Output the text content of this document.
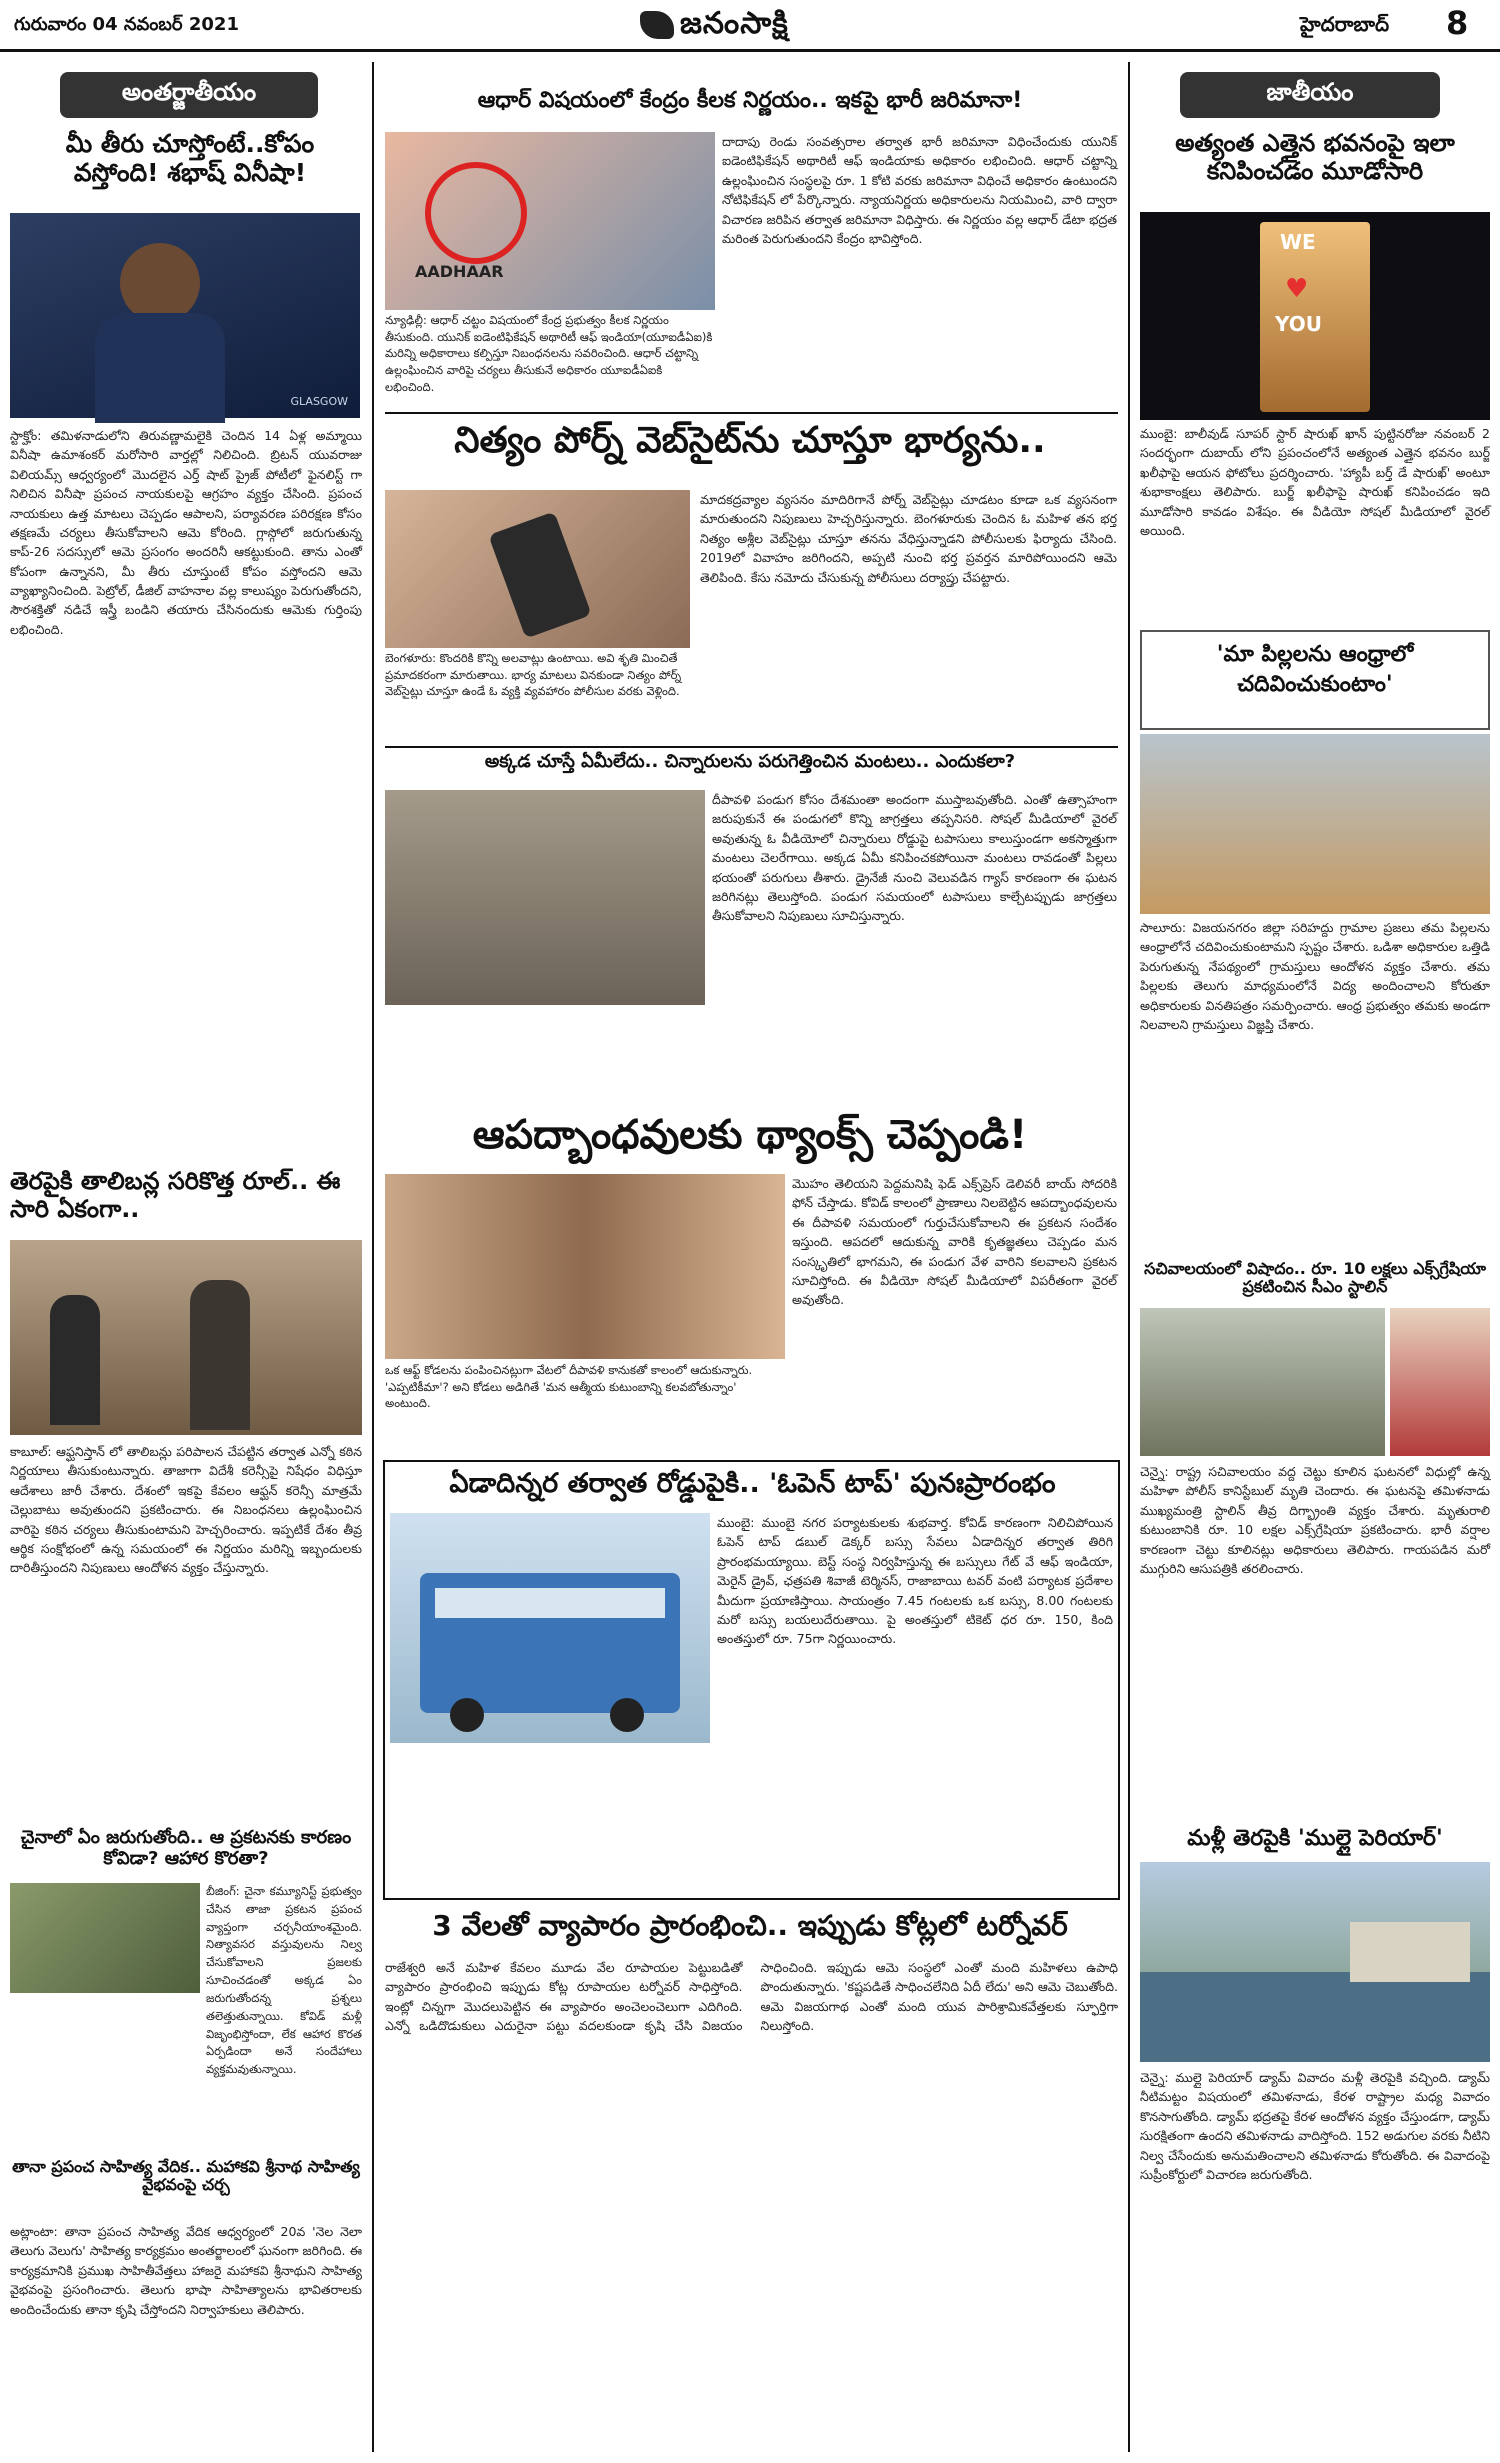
గురువారం 04 నవంబర్ 2021	జనంసాక్షి	హైదరాబాద్ 8
అంతర్జాతీయం
మీ తీరు చూస్తోంటే..కోపం వస్తోంది! శభాష్ వినీషా!
GLASGOW
స్టాక్హోం: తమిళనాడులోని తిరువణ్ణామలైకి చెందిన 14 ఏళ్ల అమ్మాయి వినీషా ఉమాశంకర్ మరోసారి వార్తల్లో నిలిచింది. బ్రిటన్ యువరాజు విలియమ్స్ ఆధ్వర్యంలో మొదలైన ఎర్త్ షాట్ ప్రైజ్ పోటీలో ఫైనలిస్ట్ గా నిలిచిన వినీషా ప్రపంచ నాయకులపై ఆగ్రహం వ్యక్తం చేసింది. ప్రపంచ నాయకులు ఉత్త మాటలు చెప్పడం ఆపాలని, పర్యావరణ పరిరక్షణ కోసం తక్షణమే చర్యలు తీసుకోవాలని ఆమె కోరింది. గ్లాస్గోలో జరుగుతున్న కాప్-26 సదస్సులో ఆమె ప్రసంగం అందరినీ ఆకట్టుకుంది. తాను ఎంతో కోపంగా ఉన్నానని, మీ తీరు చూస్తుంటే కోపం వస్తోందని ఆమె వ్యాఖ్యానించింది. పెట్రోల్, డీజిల్ వాహనాల వల్ల కాలుష్యం పెరుగుతోందని, సౌరశక్తితో నడిచే ఇస్త్రీ బండిని తయారు చేసినందుకు ఆమెకు గుర్తింపు లభించింది.
తెరపైకి తాలిబన్ల సరికొత్త రూల్.. ఈ సారి ఏకంగా..
కాబూల్: ఆఫ్ఘనిస్తాన్ లో తాలిబన్లు పరిపాలన చేపట్టిన తర్వాత ఎన్నో కఠిన నిర్ణయాలు తీసుకుంటున్నారు. తాజాగా విదేశీ కరెన్సీపై నిషేధం విధిస్తూ ఆదేశాలు జారీ చేశారు. దేశంలో ఇకపై కేవలం ఆఫ్ఘన్ కరెన్సీ మాత్రమే చెల్లుబాటు అవుతుందని ప్రకటించారు. ఈ నిబంధనలు ఉల్లంఘించిన వారిపై కఠిన చర్యలు తీసుకుంటామని హెచ్చరించారు. ఇప్పటికే దేశం తీవ్ర ఆర్థిక సంక్షోభంలో ఉన్న సమయంలో ఈ నిర్ణయం మరిన్ని ఇబ్బందులకు దారితీస్తుందని నిపుణులు ఆందోళన వ్యక్తం చేస్తున్నారు.
చైనాలో ఏం జరుగుతోంది.. ఆ ప్రకటనకు కారణం కోవిడా? ఆహార కొరతా?
బీజింగ్: చైనా కమ్యూనిస్ట్ ప్రభుత్వం చేసిన తాజా ప్రకటన ప్రపంచ వ్యాప్తంగా చర్చనీయాంశమైంది. నిత్యావసర వస్తువులను నిల్వ చేసుకోవాలని ప్రజలకు సూచించడంతో అక్కడ ఏం జరుగుతోందన్న ప్రశ్నలు తలెత్తుతున్నాయి. కోవిడ్ మళ్లీ విజృంభిస్తోందా, లేక ఆహార కొరత ఏర్పడిందా అనే సందేహాలు వ్యక్తమవుతున్నాయి.
తానా ప్రపంచ సాహిత్య వేదిక.. మహాకవి శ్రీనాథ సాహిత్య వైభవంపై చర్చ
అట్లాంటా: తానా ప్రపంచ సాహిత్య వేదిక ఆధ్వర్యంలో 20వ 'నెల నెలా తెలుగు వెలుగు' సాహిత్య కార్యక్రమం అంతర్జాలంలో ఘనంగా జరిగింది. ఈ కార్యక్రమానికి ప్రముఖ సాహితీవేత్తలు హాజరై మహాకవి శ్రీనాథుని సాహిత్య వైభవంపై ప్రసంగించారు. తెలుగు భాషా సాహిత్యాలను భావితరాలకు అందించేందుకు తానా కృషి చేస్తోందని నిర్వాహకులు తెలిపారు.
ఆధార్ విషయంలో కేంద్రం కీలక నిర్ణయం.. ఇకపై భారీ జరిమానా!
AADHAAR
న్యూఢిల్లీ: ఆధార్ చట్టం విషయంలో కేంద్ర ప్రభుత్వం కీలక నిర్ణయం తీసుకుంది. యునిక్ ఐడెంటిఫికేషన్ అథారిటీ ఆఫ్ ఇండియా(యూఐడీఏఐ)కి మరిన్ని అధికారాలు కల్పిస్తూ నిబంధనలను సవరించింది. ఆధార్ చట్టాన్ని ఉల్లంఘించిన వారిపై చర్యలు తీసుకునే అధికారం యూఐడీఏఐకి లభించింది.
దాదాపు రెండు సంవత్సరాల తర్వాత భారీ జరిమానా విధించేందుకు యునిక్ ఐడెంటిఫికేషన్ అథారిటీ ఆఫ్ ఇండియాకు అధికారం లభించింది. ఆధార్ చట్టాన్ని ఉల్లంఘించిన సంస్థలపై రూ. 1 కోటి వరకు జరిమానా విధించే అధికారం ఉంటుందని నోటిఫికేషన్ లో పేర్కొన్నారు. న్యాయనిర్ణయ అధికారులను నియమించి, వారి ద్వారా విచారణ జరిపిన తర్వాత జరిమానా విధిస్తారు. ఈ నిర్ణయం వల్ల ఆధార్ డేటా భద్రత మరింత పెరుగుతుందని కేంద్రం భావిస్తోంది.
నిత్యం పోర్న్ వెబ్‌సైట్‌ను చూస్తూ భార్యను..
బెంగళూరు: కొందరికి కొన్ని అలవాట్లు ఉంటాయి. అవి శృతి మించితే ప్రమాదకరంగా మారుతాయి. భార్య మాటలు వినకుండా నిత్యం పోర్న్ వెబ్‌సైట్లు చూస్తూ ఉండే ఓ వ్యక్తి వ్యవహారం పోలీసుల వరకు వెళ్లింది.
మాదకద్రవ్యాల వ్యసనం మాదిరిగానే పోర్న్ వెబ్‌సైట్లు చూడటం కూడా ఒక వ్యసనంగా మారుతుందని నిపుణులు హెచ్చరిస్తున్నారు. బెంగళూరుకు చెందిన ఓ మహిళ తన భర్త నిత్యం అశ్లీల వెబ్‌సైట్లు చూస్తూ తనను వేధిస్తున్నాడని పోలీసులకు ఫిర్యాదు చేసింది. 2019లో వివాహం జరిగిందని, అప్పటి నుంచి భర్త ప్రవర్తన మారిపోయిందని ఆమె తెలిపింది. కేసు నమోదు చేసుకున్న పోలీసులు దర్యాప్తు చేపట్టారు.
అక్కడ చూస్తే ఏమీలేదు.. చిన్నారులను పరుగెత్తించిన మంటలు.. ఎందుకలా?
దీపావళి పండుగ కోసం దేశమంతా అందంగా ముస్తాబవుతోంది. ఎంతో ఉత్సాహంగా జరుపుకునే ఈ పండుగలో కొన్ని జాగ్రత్తలు తప్పనిసరి. సోషల్ మీడియాలో వైరల్ అవుతున్న ఓ వీడియోలో చిన్నారులు రోడ్డుపై టపాసులు కాలుస్తుండగా అకస్మాత్తుగా మంటలు చెలరేగాయి. అక్కడ ఏమీ కనిపించకపోయినా మంటలు రావడంతో పిల్లలు భయంతో పరుగులు తీశారు. డ్రైనేజీ నుంచి వెలువడిన గ్యాస్ కారణంగా ఈ ఘటన జరిగినట్లు తెలుస్తోంది. పండుగ సమయంలో టపాసులు కాల్చేటప్పుడు జాగ్రత్తలు తీసుకోవాలని నిపుణులు సూచిస్తున్నారు.
ఆపద్బాంధవులకు థ్యాంక్స్ చెప్పండి!
ఒక ఆఫ్ట్ కోడలను పంపించినట్లుగా వేటలో దీపావళి కానుకతో కాలంలో ఆదుకున్నారు. 'ఎప్పటికీమా'? అని కోడలు అడిగితే 'మన ఆత్మీయ కుటుంబాన్ని కలవబోతున్నాం' అంటుంది.
మొహం తెలియని పెద్దమనిషి ఫెడ్ ఎక్స్‌ప్రెస్ డెలివరీ బాయ్ సోదరికి ఫోన్ చేస్తాడు. కోవిడ్ కాలంలో ప్రాణాలు నిలబెట్టిన ఆపద్బాంధవులను ఈ దీపావళి సమయంలో గుర్తుచేసుకోవాలని ఈ ప్రకటన సందేశం ఇస్తుంది. ఆపదలో ఆదుకున్న వారికి కృతజ్ఞతలు చెప్పడం మన సంస్కృతిలో భాగమని, ఈ పండుగ వేళ వారిని కలవాలని ప్రకటన సూచిస్తోంది. ఈ వీడియో సోషల్ మీడియాలో విపరీతంగా వైరల్ అవుతోంది.
ఏడాదిన్నర తర్వాత రోడ్డుపైకి.. 'ఓపెన్ టాప్' పునఃప్రారంభం
ముంబై: ముంబై నగర పర్యాటకులకు శుభవార్త. కోవిడ్ కారణంగా నిలిచిపోయిన ఓపెన్ టాప్ డబుల్ డెక్కర్ బస్సు సేవలు ఏడాదిన్నర తర్వాత తిరిగి ప్రారంభమయ్యాయి. బెస్ట్ సంస్థ నిర్వహిస్తున్న ఈ బస్సులు గేట్ వే ఆఫ్ ఇండియా, మెరైన్ డ్రైవ్, ఛత్రపతి శివాజీ టెర్మినస్, రాజాబాయి టవర్ వంటి పర్యాటక ప్రదేశాల మీదుగా ప్రయాణిస్తాయి. సాయంత్రం 7.45 గంటలకు ఒక బస్సు, 8.00 గంటలకు మరో బస్సు బయలుదేరుతాయి. పై అంతస్తులో టికెట్ ధర రూ. 150, కింది అంతస్తులో రూ. 75గా నిర్ణయించారు.
3 వేలతో వ్యాపారం ప్రారంభించి.. ఇప్పుడు కోట్లలో టర్నోవర్
రాజేశ్వరి అనే మహిళ కేవలం మూడు వేల రూపాయల పెట్టుబడితో వ్యాపారం ప్రారంభించి ఇప్పుడు కోట్ల రూపాయల టర్నోవర్ సాధిస్తోంది. ఇంట్లో చిన్నగా మొదలుపెట్టిన ఈ వ్యాపారం అంచెలంచెలుగా ఎదిగింది. ఎన్నో ఒడిదొడుకులు ఎదురైనా పట్టు వదలకుండా కృషి చేసి విజయం సాధించింది. ఇప్పుడు ఆమె సంస్థలో ఎంతో మంది మహిళలు ఉపాధి పొందుతున్నారు. 'కష్టపడితే సాధించలేనిది ఏదీ లేదు' అని ఆమె చెబుతోంది. ఆమె విజయగాథ ఎంతో మంది యువ పారిశ్రామికవేత్తలకు స్ఫూర్తిగా నిలుస్తోంది.
జాతీయం
అత్యంత ఎత్తైన భవనంపై ఇలా కనిపించడం మూడోసారి
WE
♥
YOU
ముంబై: బాలీవుడ్ సూపర్ స్టార్ షారుఖ్ ఖాన్ పుట్టినరోజు నవంబర్ 2 సందర్భంగా దుబాయ్ లోని ప్రపంచంలోనే అత్యంత ఎత్తైన భవనం బుర్జ్ ఖలీఫాపై ఆయన ఫోటోలు ప్రదర్శించారు. 'హ్యాపీ బర్త్ డే షారుఖ్' అంటూ శుభాకాంక్షలు తెలిపారు. బుర్జ్ ఖలీఫాపై షారుఖ్ కనిపించడం ఇది మూడోసారి కావడం విశేషం. ఈ వీడియో సోషల్ మీడియాలో వైరల్ అయింది.
'మా పిల్లలను ఆంధ్రాలో చదివించుకుంటాం'
సాలూరు: విజయనగరం జిల్లా సరిహద్దు గ్రామాల ప్రజలు తమ పిల్లలను ఆంధ్రాలోనే చదివించుకుంటామని స్పష్టం చేశారు. ఒడిశా అధికారుల ఒత్తిడి పెరుగుతున్న నేపథ్యంలో గ్రామస్తులు ఆందోళన వ్యక్తం చేశారు. తమ పిల్లలకు తెలుగు మాధ్యమంలోనే విద్య అందించాలని కోరుతూ అధికారులకు వినతిపత్రం సమర్పించారు. ఆంధ్ర ప్రభుత్వం తమకు అండగా నిలవాలని గ్రామస్తులు విజ్ఞప్తి చేశారు.
సచివాలయంలో విషాదం.. రూ. 10 లక్షలు ఎక్స్‌గ్రేషియా ప్రకటించిన సీఎం స్టాలిన్
చెన్నై: రాష్ట్ర సచివాలయం వద్ద చెట్టు కూలిన ఘటనలో విధుల్లో ఉన్న మహిళా పోలీస్ కానిస్టేబుల్ మృతి చెందారు. ఈ ఘటనపై తమిళనాడు ముఖ్యమంత్రి స్టాలిన్ తీవ్ర దిగ్భ్రాంతి వ్యక్తం చేశారు. మృతురాలి కుటుంబానికి రూ. 10 లక్షల ఎక్స్‌గ్రేషియా ప్రకటించారు. భారీ వర్షాల కారణంగా చెట్టు కూలినట్లు అధికారులు తెలిపారు. గాయపడిన మరో ముగ్గురిని ఆసుపత్రికి తరలించారు.
మళ్లీ తెరపైకి 'ముల్లై పెరియార్'
చెన్నై: ముల్లై పెరియార్ డ్యామ్ వివాదం మళ్లీ తెరపైకి వచ్చింది. డ్యామ్ నీటిమట్టం విషయంలో తమిళనాడు, కేరళ రాష్ట్రాల మధ్య వివాదం కొనసాగుతోంది. డ్యామ్ భద్రతపై కేరళ ఆందోళన వ్యక్తం చేస్తుండగా, డ్యామ్ సురక్షితంగా ఉందని తమిళనాడు వాదిస్తోంది. 152 అడుగుల వరకు నీటిని నిల్వ చేసేందుకు అనుమతించాలని తమిళనాడు కోరుతోంది. ఈ వివాదంపై సుప్రీంకోర్టులో విచారణ జరుగుతోంది.
